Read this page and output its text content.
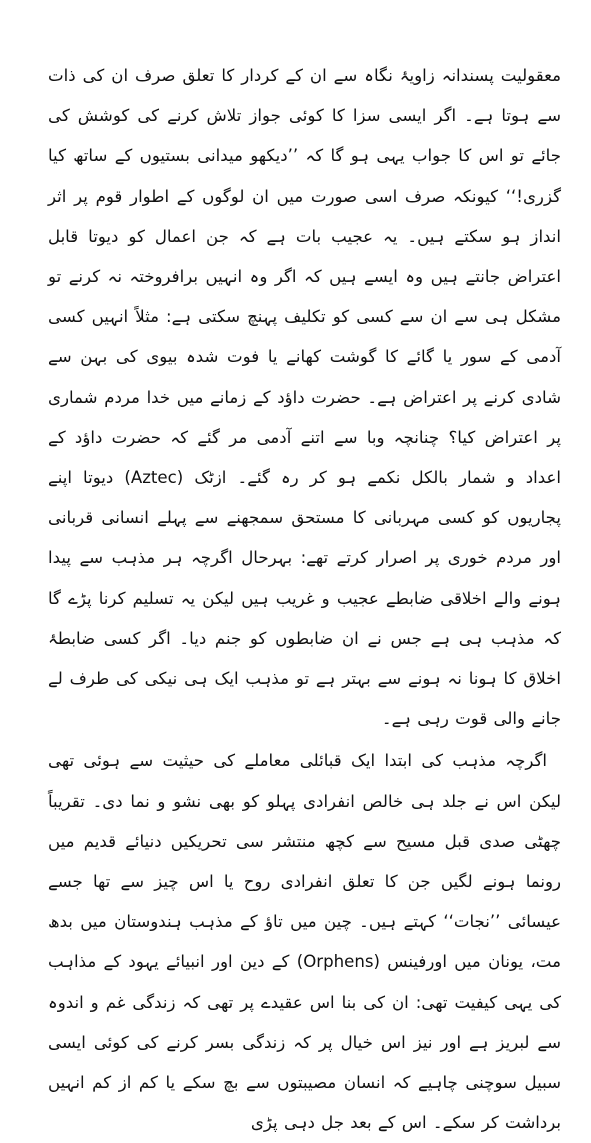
معقولیت پسندانہ زاویۂ نگاہ سے ان کے کردار کا تعلق صرف ان کی ذات سے ہوتا ہے۔ اگر ایسی سزا کا کوئی جواز تلاش کرنے کی کوشش کی جائے تو اس کا جواب یہی ہو گا کہ ’’دیکھو میدانی بستیوں کے ساتھ کیا گزری!‘‘ کیونکہ صرف اسی صورت میں ان لوگوں کے اطوار قوم پر اثر انداز ہو سکتے ہیں۔ یہ عجیب بات ہے کہ جن اعمال کو دیوتا قابل اعتراض جانتے ہیں وہ ایسے ہیں کہ اگر وہ انہیں برافروختہ نہ کرنے تو مشکل ہی سے ان سے کسی کو تکلیف پہنچ سکتی ہے: مثلاً انہیں کسی آدمی کے سور یا گائے کا گوشت کھانے یا فوت شدہ بیوی کی بہن سے شادی کرنے پر اعتراض ہے۔ حضرت داؤد کے زمانے میں خدا مردم شماری پر اعتراض کیا؟ چنانچہ وبا سے اتنے آدمی مر گئے کہ حضرت داؤد کے اعداد و شمار بالکل نکمے ہو کر رہ گئے۔ ازٹک (Aztec) دیوتا اپنے پجاریوں کو کسی مہربانی کا مستحق سمجھنے سے پہلے انسانی قربانی اور مردم خوری پر اصرار کرتے تھے: بہرحال اگرچہ ہر مذہب سے پیدا ہونے والے اخلاقی ضابطے عجیب و غریب ہیں لیکن یہ تسلیم کرنا پڑے گا کہ مذہب ہی ہے جس نے ان ضابطوں کو جنم دیا۔ اگر کسی ضابطۂ اخلاق کا ہونا نہ ہونے سے بہتر ہے تو مذہب ایک ہی نیکی کی طرف لے جانے والی قوت رہی ہے۔

اگرچہ مذہب کی ابتدا ایک قبائلی معاملے کی حیثیت سے ہوئی تھی لیکن اس نے جلد ہی خالص انفرادی پہلو کو بھی نشو و نما دی۔ تقریباً چھٹی صدی قبل مسیح سے کچھ منتشر سی تحریکیں دنیائے قدیم میں رونما ہونے لگیں جن کا تعلق انفرادی روح یا اس چیز سے تھا جسے عیسائی ’’نجات‘‘ کہتے ہیں۔ چین میں تاؤ کے مذہب ہندوستان میں بدھ مت، یونان میں اورفینس (Orphens) کے دین اور انبیائے یہود کے مذاہب کی یہی کیفیت تھی: ان کی بنا اس عقیدے پر تھی کہ زندگی غم و اندوہ سے لبریز ہے اور نیز اس خیال پر کہ زندگی بسر کرنے کی کوئی ایسی سبیل سوچنی چاہیے کہ انسان مصیبتوں سے بچ سکے یا کم از کم انہیں برداشت کر سکے۔ اس کے بعد جل دہی پڑی
